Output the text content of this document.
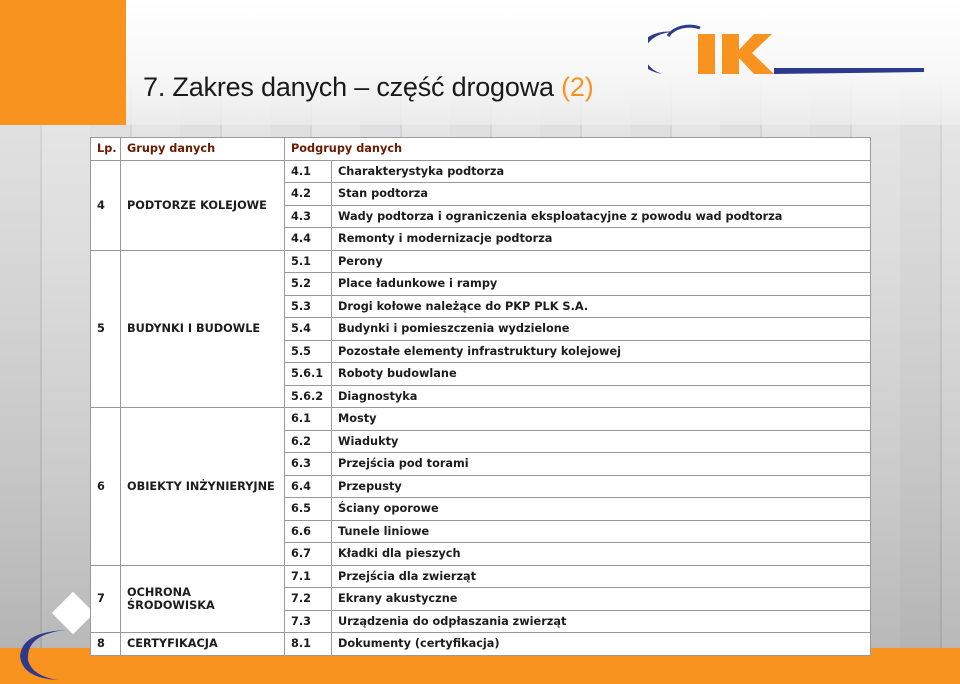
7. Zakres danych – część drogowa (2)
Lp.	Grupy danych	Podgrupy danych	
4	PODTORZE KOLEJOWE	4.1	Charakterystyka podtorza
		4.2	Stan podtorza
		4.3	Wady podtorza i ograniczenia eksploatacyjne z powodu wad podtorza
		4.4	Remonty i modernizacje podtorza
5	BUDYNKI I BUDOWLE	5.1	Perony
		5.2	Place ładunkowe i rampy
		5.3	Drogi kołowe należące do PKP PLK S.A.
		5.4	Budynki i pomieszczenia wydzielone
		5.5	Pozostałe elementy infrastruktury kolejowej
		5.6.1	Roboty budowlane
		5.6.2	Diagnostyka
6	OBIEKTY INŻYNIERYJNE	6.1	Mosty
		6.2	Wiadukty
		6.3	Przejścia pod torami
		6.4	Przepusty
		6.5	Ściany oporowe
		6.6	Tunele liniowe
		6.7	Kładki dla pieszych
7	OCHRONA ŚRODOWISKA	7.1	Przejścia dla zwierząt
		7.2	Ekrany akustyczne
		7.3	Urządzenia do odpłaszania zwierząt
8	CERTYFIKACJA	8.1	Dokumenty (certyfikacja)
